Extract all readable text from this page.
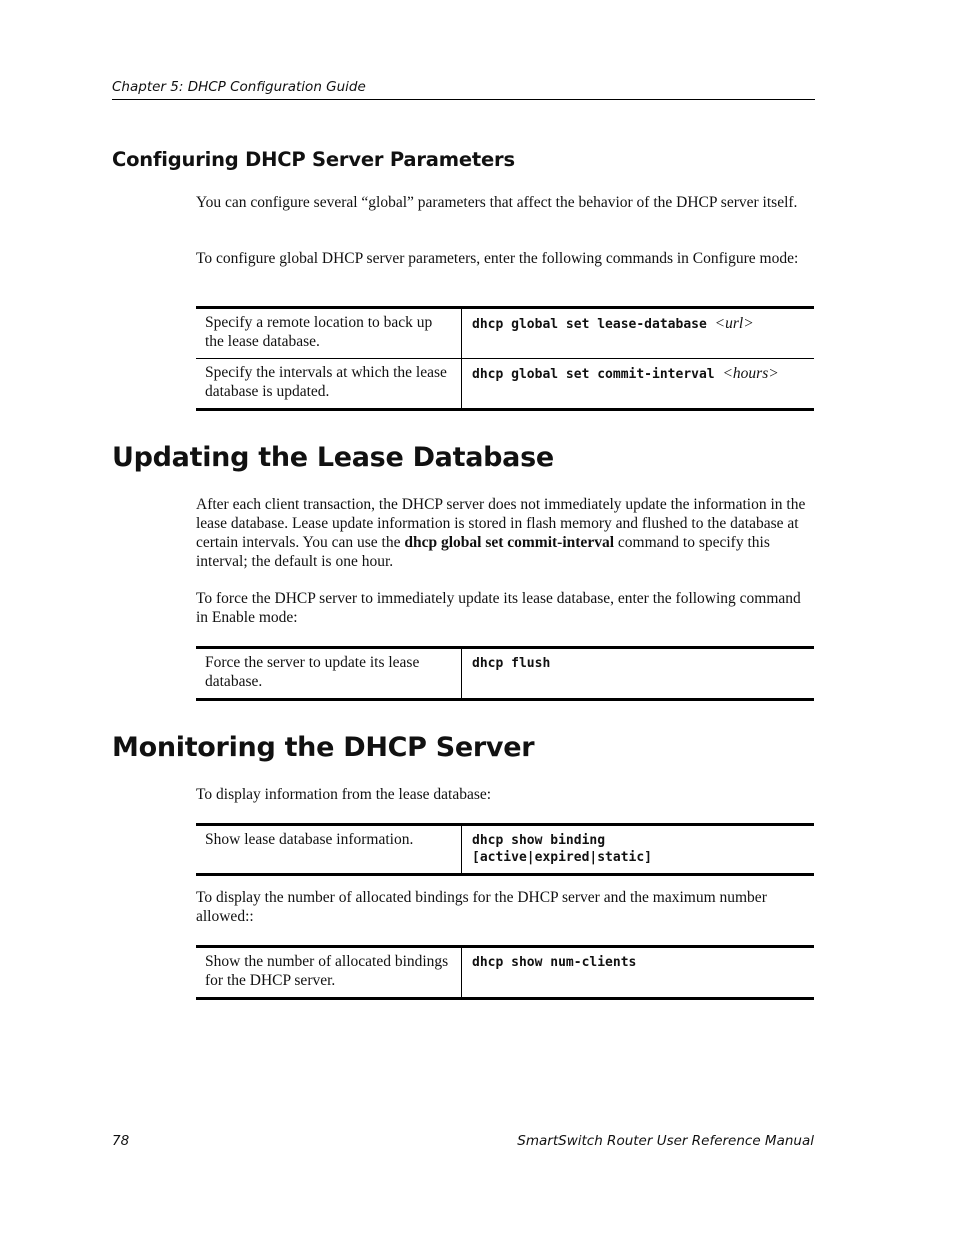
Chapter 5: DHCP Configuration Guide
Configuring DHCP Server Parameters

You can configure several “global” parameters that affect the behavior of the DHCP server itself.

To configure global DHCP server parameters, enter the following commands in Configure mode:

Specify a remote location to back up the lease database.	dhcp global set lease-database <url>
Specify the intervals at which the lease database is updated.	dhcp global set commit-interval <hours>
Updating the Lease Database

After each client transaction, the DHCP server does not immediately update the information in the lease database. Lease update information is stored in flash memory and flushed to the database at certain intervals. You can use the dhcp global set commit-interval command to specify this interval; the default is one hour.

To force the DHCP server to immediately update its lease database, enter the following command in Enable mode:

Force the server to update its lease database.	dhcp flush
Monitoring the DHCP Server

To display information from the lease database:

Show lease database information.	dhcp show binding
[active|expired|static]

To display the number of allocated bindings for the DHCP server and the maximum number allowed::

Show the number of allocated bindings for the DHCP server.	dhcp show num-clients
78	SmartSwitch Router User Reference Manual
